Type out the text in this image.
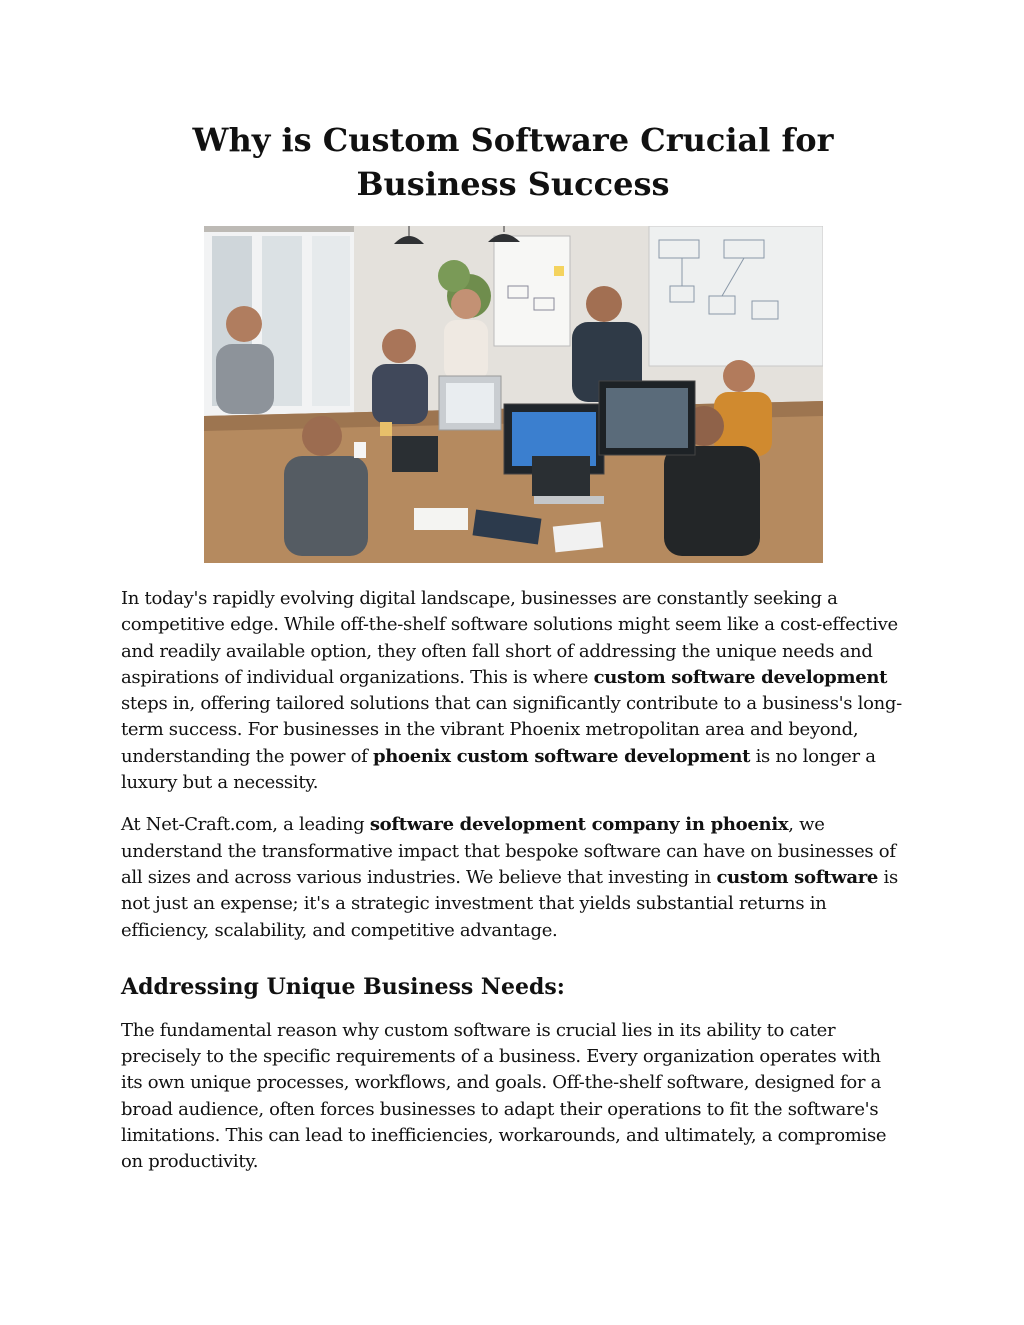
Why is Custom Software Crucial for Business Success

In today's rapidly evolving digital landscape, businesses are constantly seeking a competitive edge. While off-the-shelf software solutions might seem like a cost-effective and readily available option, they often fall short of addressing the unique needs and aspirations of individual organizations. This is where custom software development steps in, offering tailored solutions that can significantly contribute to a business's long-term success. For businesses in the vibrant Phoenix metropolitan area and beyond, understanding the power of phoenix custom software development is no longer a luxury but a necessity.

At Net-Craft.com, a leading software development company in phoenix, we understand the transformative impact that bespoke software can have on businesses of all sizes and across various industries. We believe that investing in custom software is not just an expense; it's a strategic investment that yields substantial returns in efficiency, scalability, and competitive advantage.

Addressing Unique Business Needs:

The fundamental reason why custom software is crucial lies in its ability to cater precisely to the specific requirements of a business. Every organization operates with its own unique processes, workflows, and goals. Off-the-shelf software, designed for a broad audience, often forces businesses to adapt their operations to fit the software's limitations. This can lead to inefficiencies, workarounds, and ultimately, a compromise on productivity.
